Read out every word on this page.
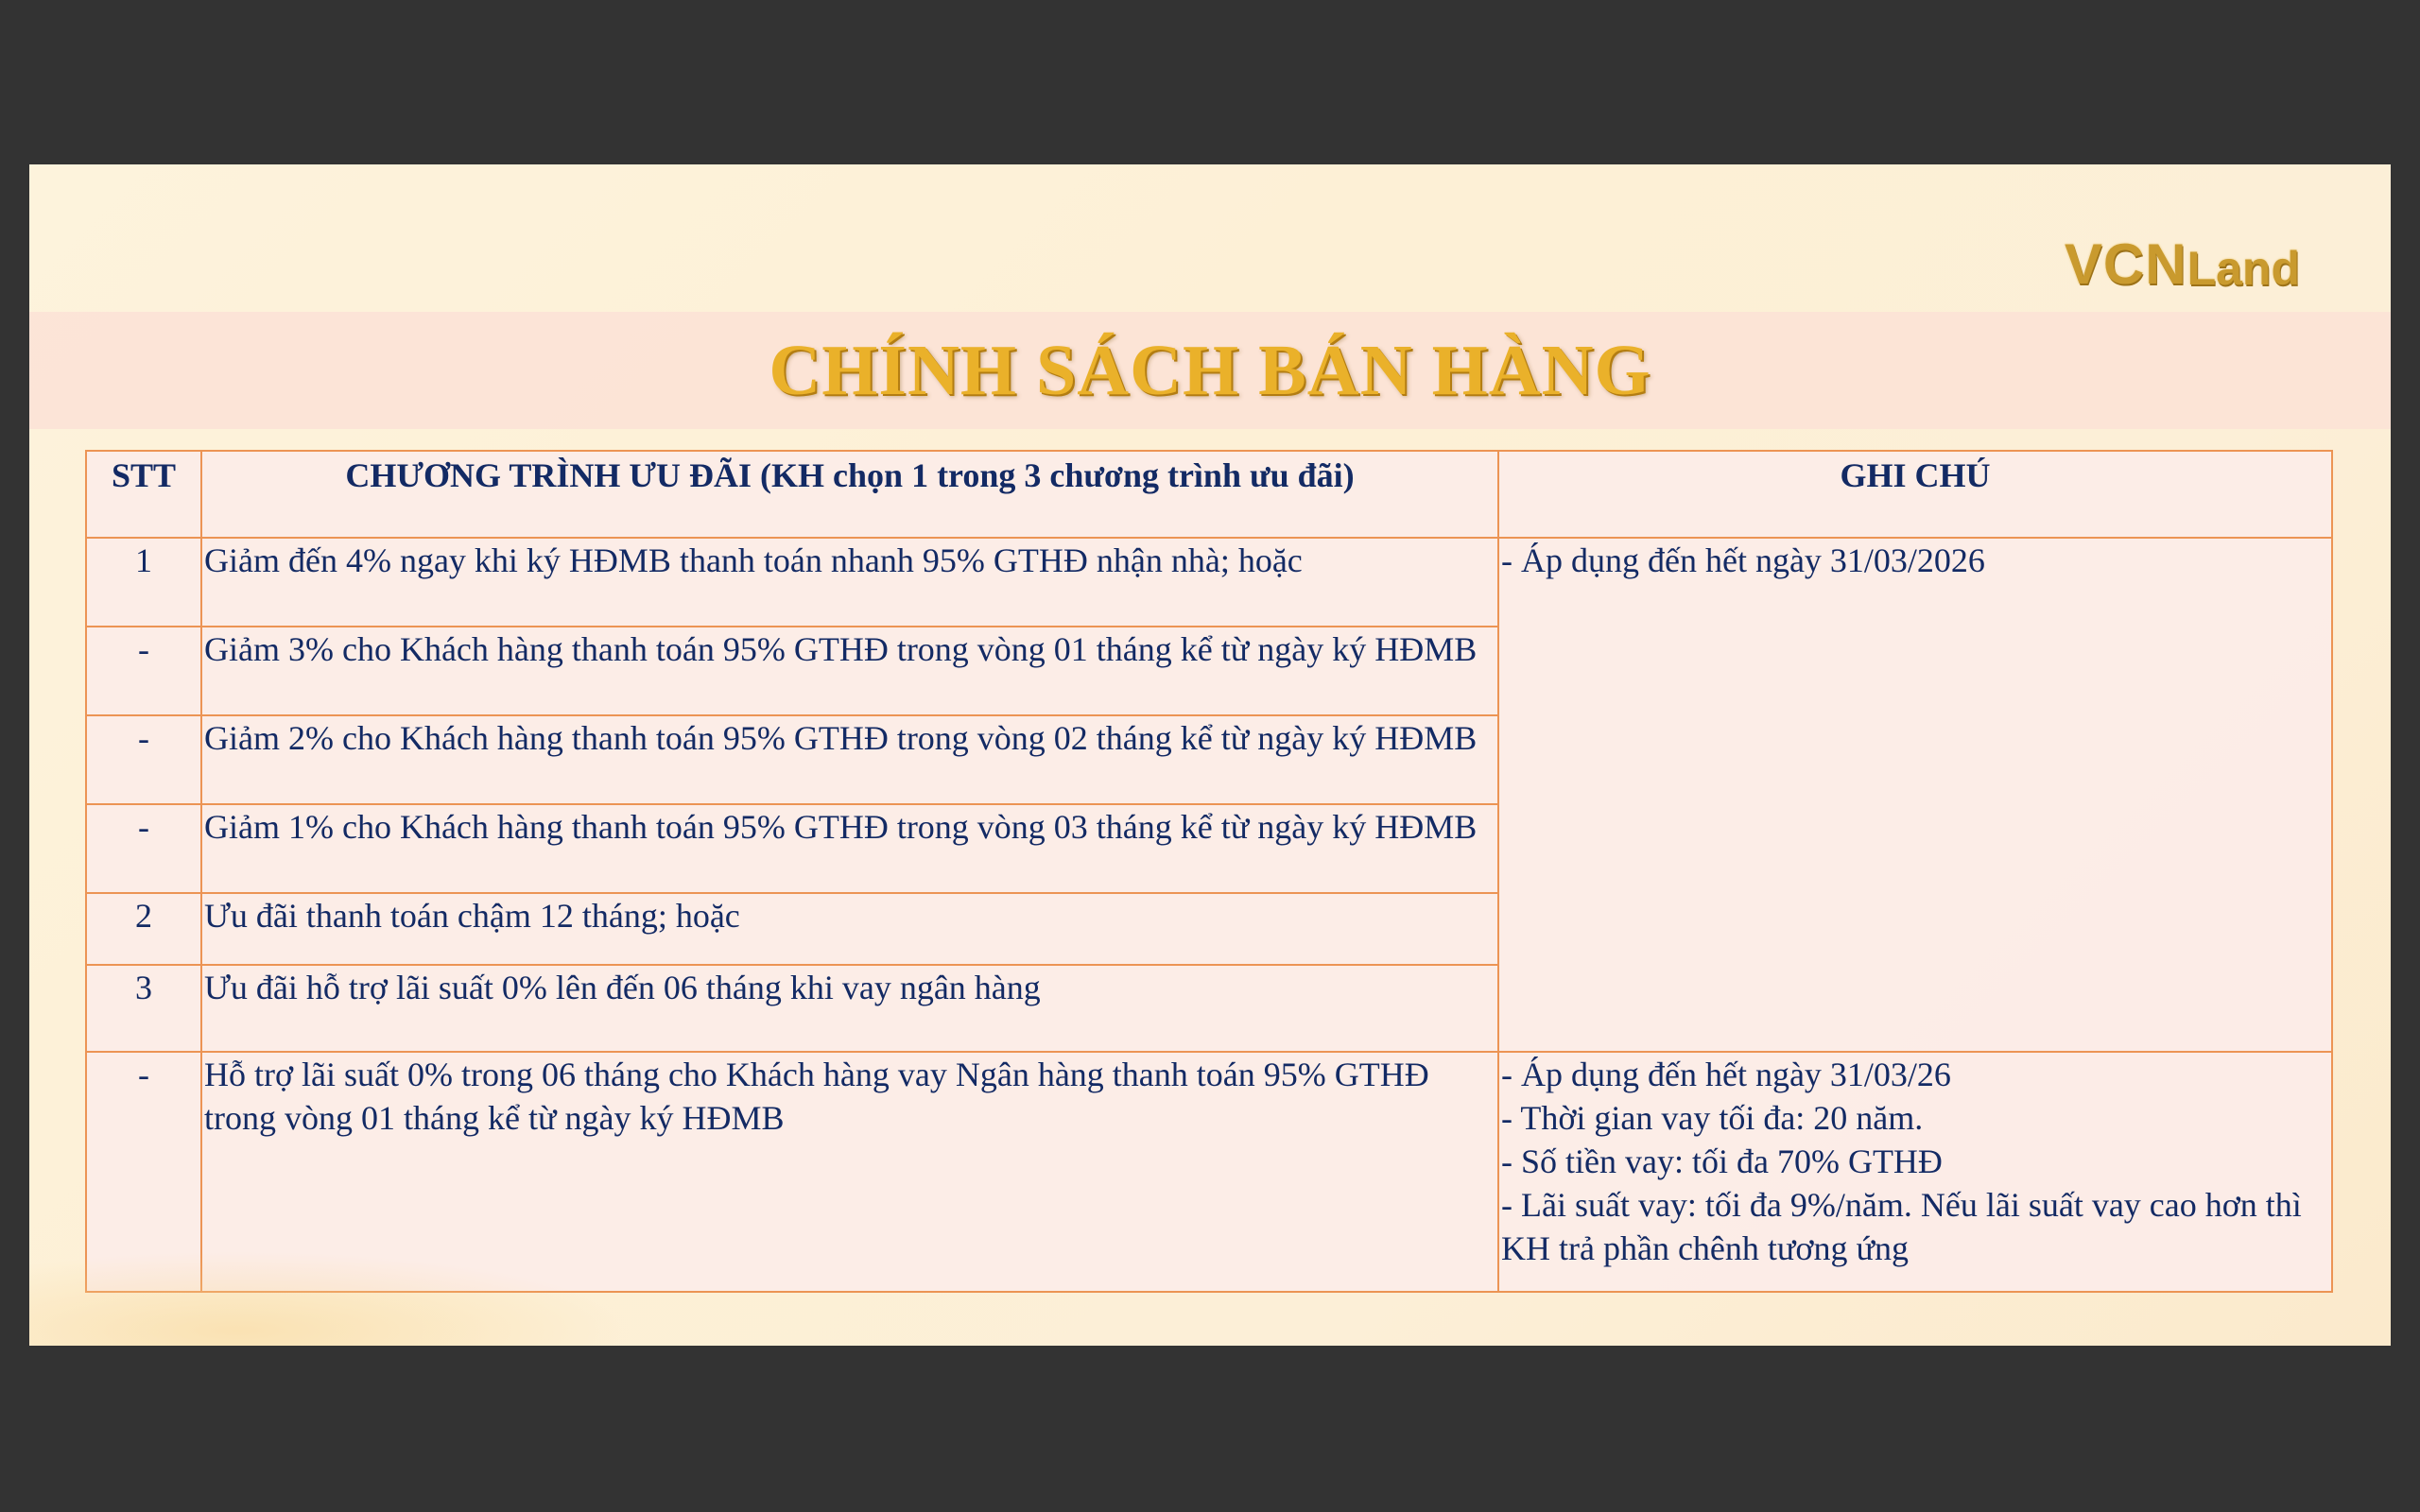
VCN Land
CHÍNH SÁCH BÁN HÀNG
STT	CHƯƠNG TRÌNH ƯU ĐÃI (KH chọn 1 trong 3 chương trình ưu đãi)	GHI CHÚ
1	Giảm đến 4% ngay khi ký HĐMB thanh toán nhanh 95% GTHĐ nhận nhà; hoặc	- Áp dụng đến hết ngày 31/03/2026

-	Giảm 3% cho Khách hàng thanh toán 95% GTHĐ trong vòng 01 tháng kể từ ngày ký HĐMB	
-	Giảm 2% cho Khách hàng thanh toán 95% GTHĐ trong vòng 02 tháng kể từ ngày ký HĐMB	
-	Giảm 1% cho Khách hàng thanh toán 95% GTHĐ trong vòng 03 tháng kể từ ngày ký HĐMB	
2	Ưu đãi thanh toán chậm 12 tháng; hoặc	
3	Ưu đãi hỗ trợ lãi suất 0% lên đến 06 tháng khi vay ngân hàng	
-	Hỗ trợ lãi suất 0% trong 06 tháng cho Khách hàng vay Ngân hàng thanh toán 95% GTHĐ trong vòng 01 tháng kể từ ngày ký HĐMB	- Áp dụng đến hết ngày 31/03/26
- Thời gian vay tối đa: 20 năm.
- Số tiền vay: tối đa 70% GTHĐ
- Lãi suất vay: tối đa 9%/năm. Nếu lãi suất vay cao hơn thì KH trả phần chênh tương ứng
